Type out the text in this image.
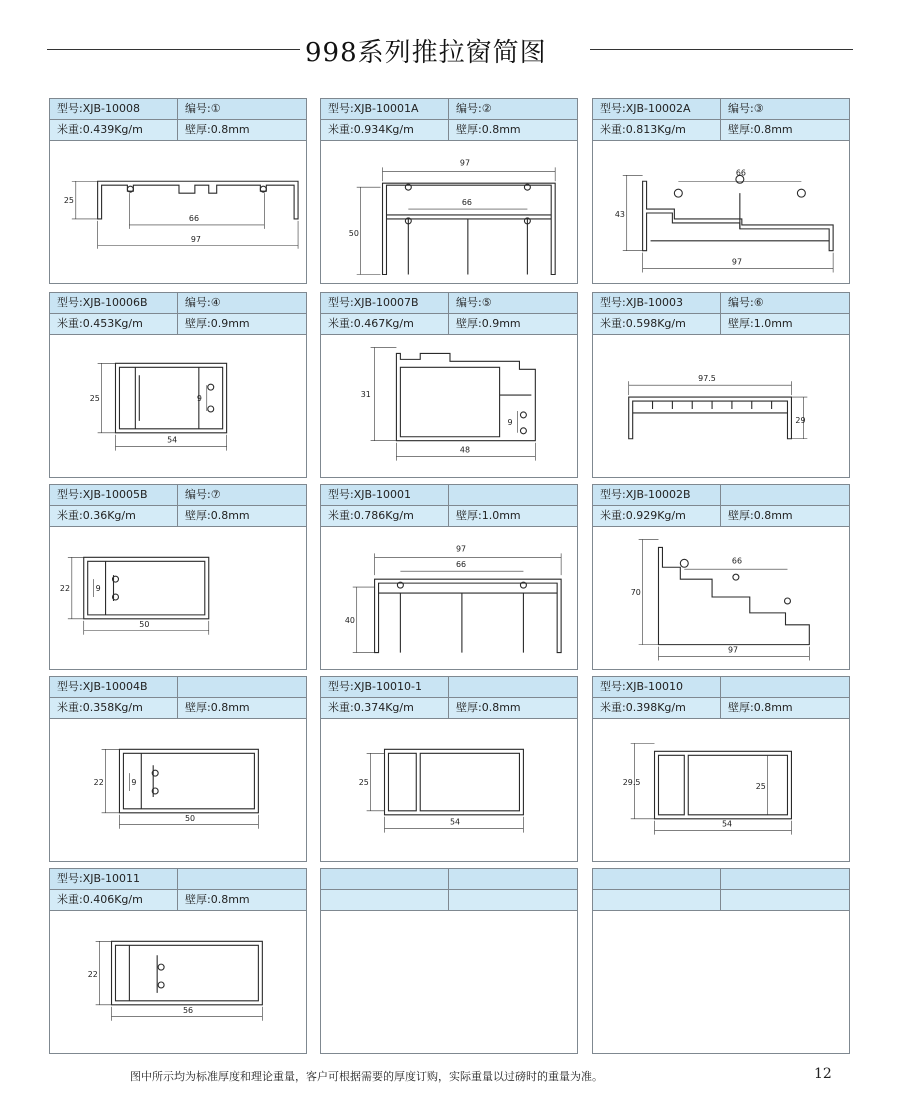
998系列推拉窗简图
型号:XJB-10008	编号:①
米重:0.439Kg/m	壁厚:0.8mm
25
66
97
型号:XJB-10001A	编号:②
米重:0.934Kg/m	壁厚:0.8mm
97
66
50
型号:XJB-10002A	编号:③
米重:0.813Kg/m	壁厚:0.8mm
66
43
97
型号:XJB-10006B	编号:④
米重:0.453Kg/m	壁厚:0.9mm
25	9
54
型号:XJB-10007B	编号:⑤
米重:0.467Kg/m	壁厚:0.9mm
31
9
48
型号:XJB-10003	编号:⑥
米重:0.598Kg/m	壁厚:1.0mm
97.5
29
型号:XJB-10005B	编号:⑦
米重:0.36Kg/m	壁厚:0.8mm
22	9
50
型号:XJB-10001
米重:0.786Kg/m	壁厚:1.0mm
97
66
40
型号:XJB-10002B
米重:0.929Kg/m	壁厚:0.8mm
66
70
97
型号:XJB-10004B
米重:0.358Kg/m	壁厚:0.8mm
22	9
50
型号:XJB-10010-1
米重:0.374Kg/m	壁厚:0.8mm
25
54
型号:XJB-10010
米重:0.398Kg/m	壁厚:0.8mm
29.5	25
54
型号:XJB-10011
米重:0.406Kg/m	壁厚:0.8mm
22
56
图中所示均为标准厚度和理论重量，客户可根据需要的厚度订购，实际重量以过磅时的重量为准。	12
